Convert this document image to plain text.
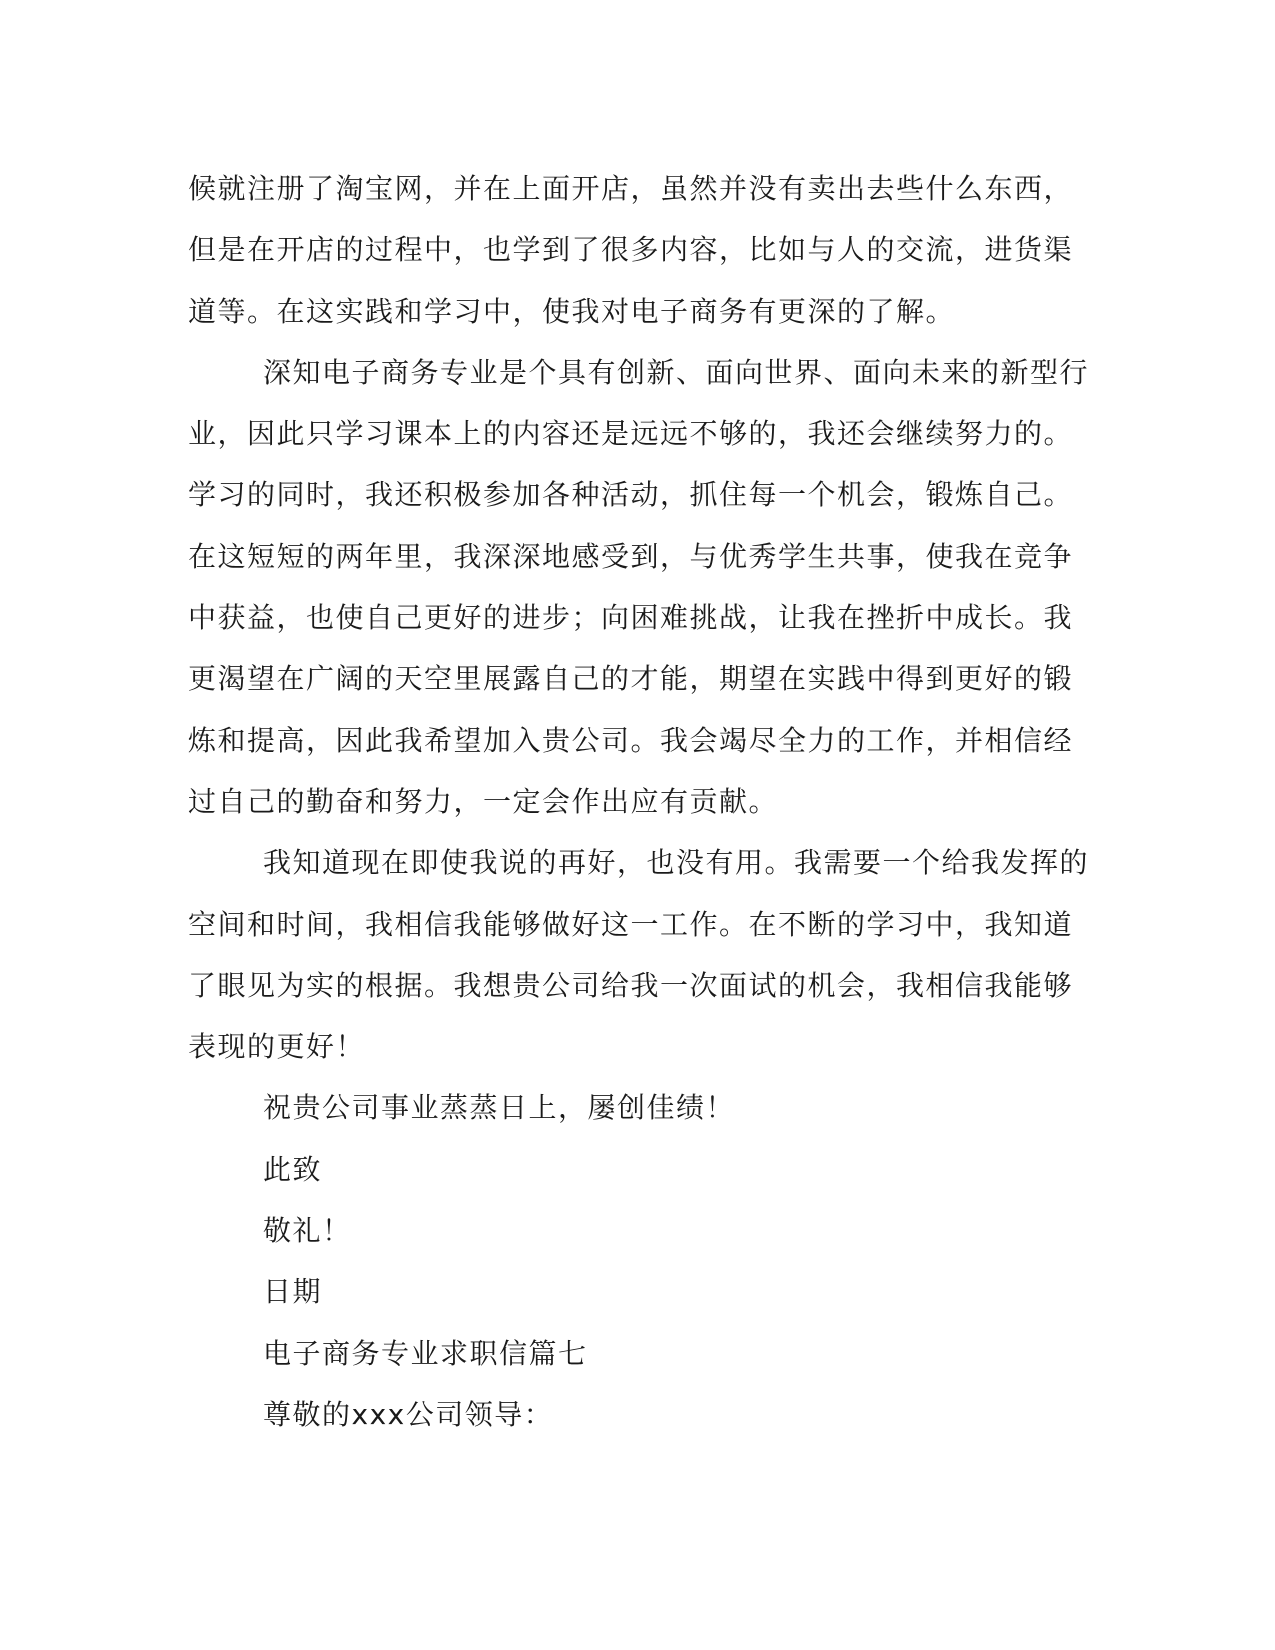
候就注册了淘宝网，并在上面开店，虽然并没有卖出去些什么东西，
但是在开店的过程中，也学到了很多内容，比如与人的交流，进货渠
道等。在这实践和学习中，使我对电子商务有更深的了解。
深知电子商务专业是个具有创新、面向世界、面向未来的新型行
业，因此只学习课本上的内容还是远远不够的，我还会继续努力的。
学习的同时，我还积极参加各种活动，抓住每一个机会，锻炼自己。
在这短短的两年里，我深深地感受到，与优秀学生共事，使我在竞争
中获益，也使自己更好的进步；向困难挑战，让我在挫折中成长。我
更渴望在广阔的天空里展露自己的才能，期望在实践中得到更好的锻
炼和提高，因此我希望加入贵公司。我会竭尽全力的工作，并相信经
过自己的勤奋和努力，一定会作出应有贡献。
我知道现在即使我说的再好，也没有用。我需要一个给我发挥的
空间和时间，我相信我能够做好这一工作。在不断的学习中，我知道
了眼见为实的根据。我想贵公司给我一次面试的机会，我相信我能够
表现的更好！
祝贵公司事业蒸蒸日上，屡创佳绩！
此致
敬礼！
日期
电子商务专业求职信篇七
尊敬的xxx公司领导：
